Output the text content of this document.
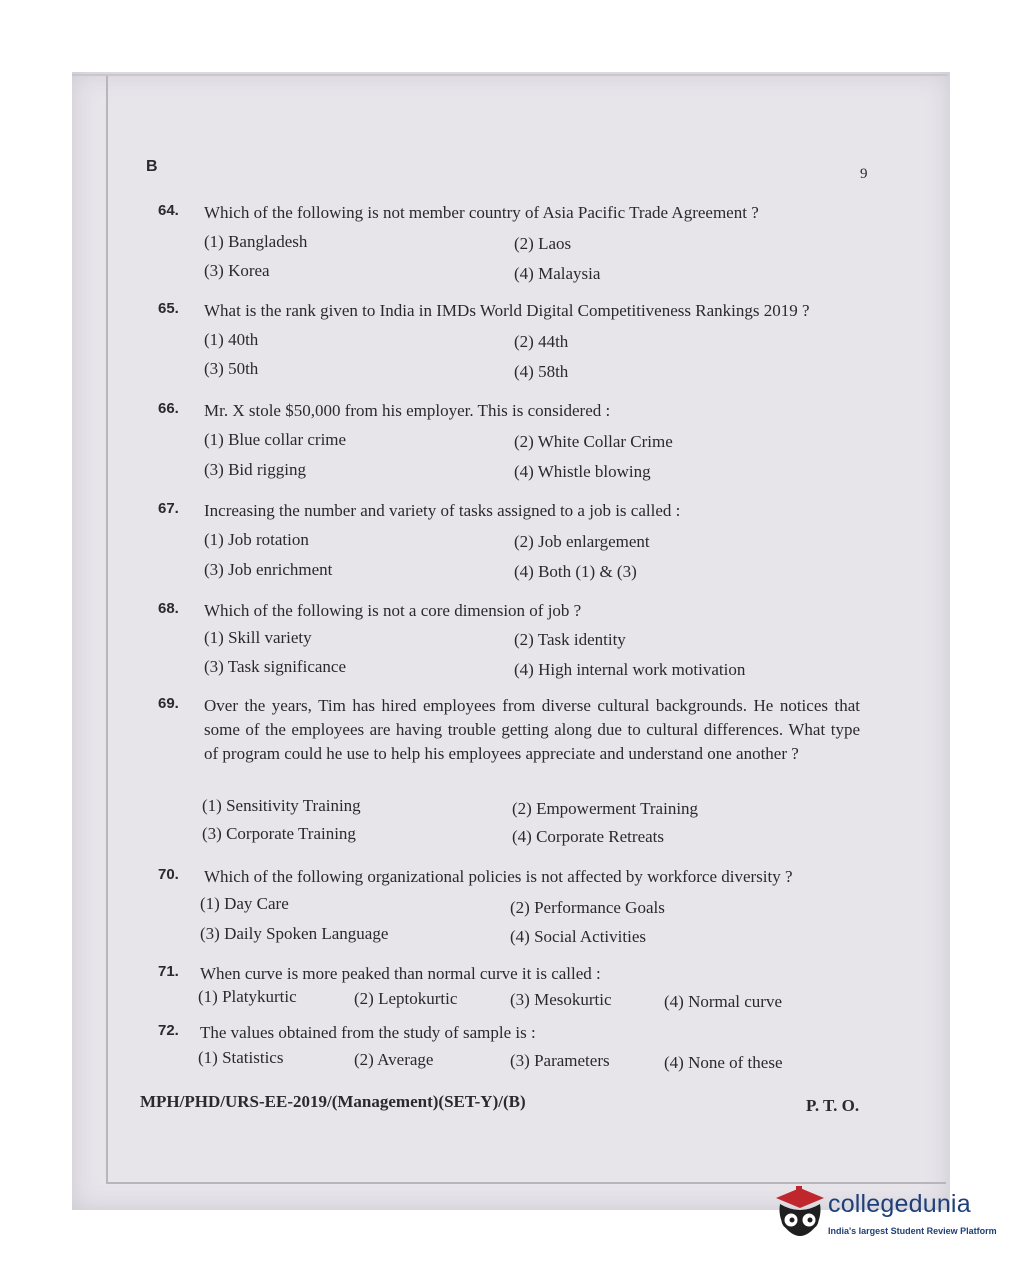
B	9
64.	Which of the following is not member country of Asia Pacific Trade Agreement ?
(1) Bangladesh	(2) Laos
(3) Korea	(4) Malaysia
65.	What is the rank given to India in IMDs World Digital Competitiveness Rankings 2019 ?
(1) 40th	(2) 44th
(3) 50th	(4) 58th
66.	Mr. X stole $50,000 from his employer. This is considered :
(1) Blue collar crime	(2) White Collar Crime
(3) Bid rigging	(4) Whistle blowing
67.	Increasing the number and variety of tasks assigned to a job is called :
(1) Job rotation	(2) Job enlargement
(3) Job enrichment	(4) Both (1) & (3)
68.	Which of the following is not a core dimension of job ?
(1) Skill variety	(2) Task identity
(3) Task significance	(4) High internal work motivation
69.	Over the years, Tim has hired employees from diverse cultural backgrounds. He notices that some of the employees are having trouble getting along due to cultural differences. What type of program could he use to help his employees appreciate and understand one another ?
(1) Sensitivity Training	(2) Empowerment Training
(3) Corporate Training	(4) Corporate Retreats
70.	Which of the following organizational policies is not affected by workforce diversity ?
(1) Day Care	(2) Performance Goals
(3) Daily Spoken Language	(4) Social Activities
71.	When curve is more peaked than normal curve it is called :
(1) Platykurtic	(2) Leptokurtic	(3) Mesokurtic	(4) Normal curve
72.	The values obtained from the study of sample is :
(1) Statistics	(2) Average	(3) Parameters	(4) None of these
MPH/PHD/URS-EE-2019/(Management)(SET-Y)/(B)	P. T. O.
collegedunia
India's largest Student Review Platform
